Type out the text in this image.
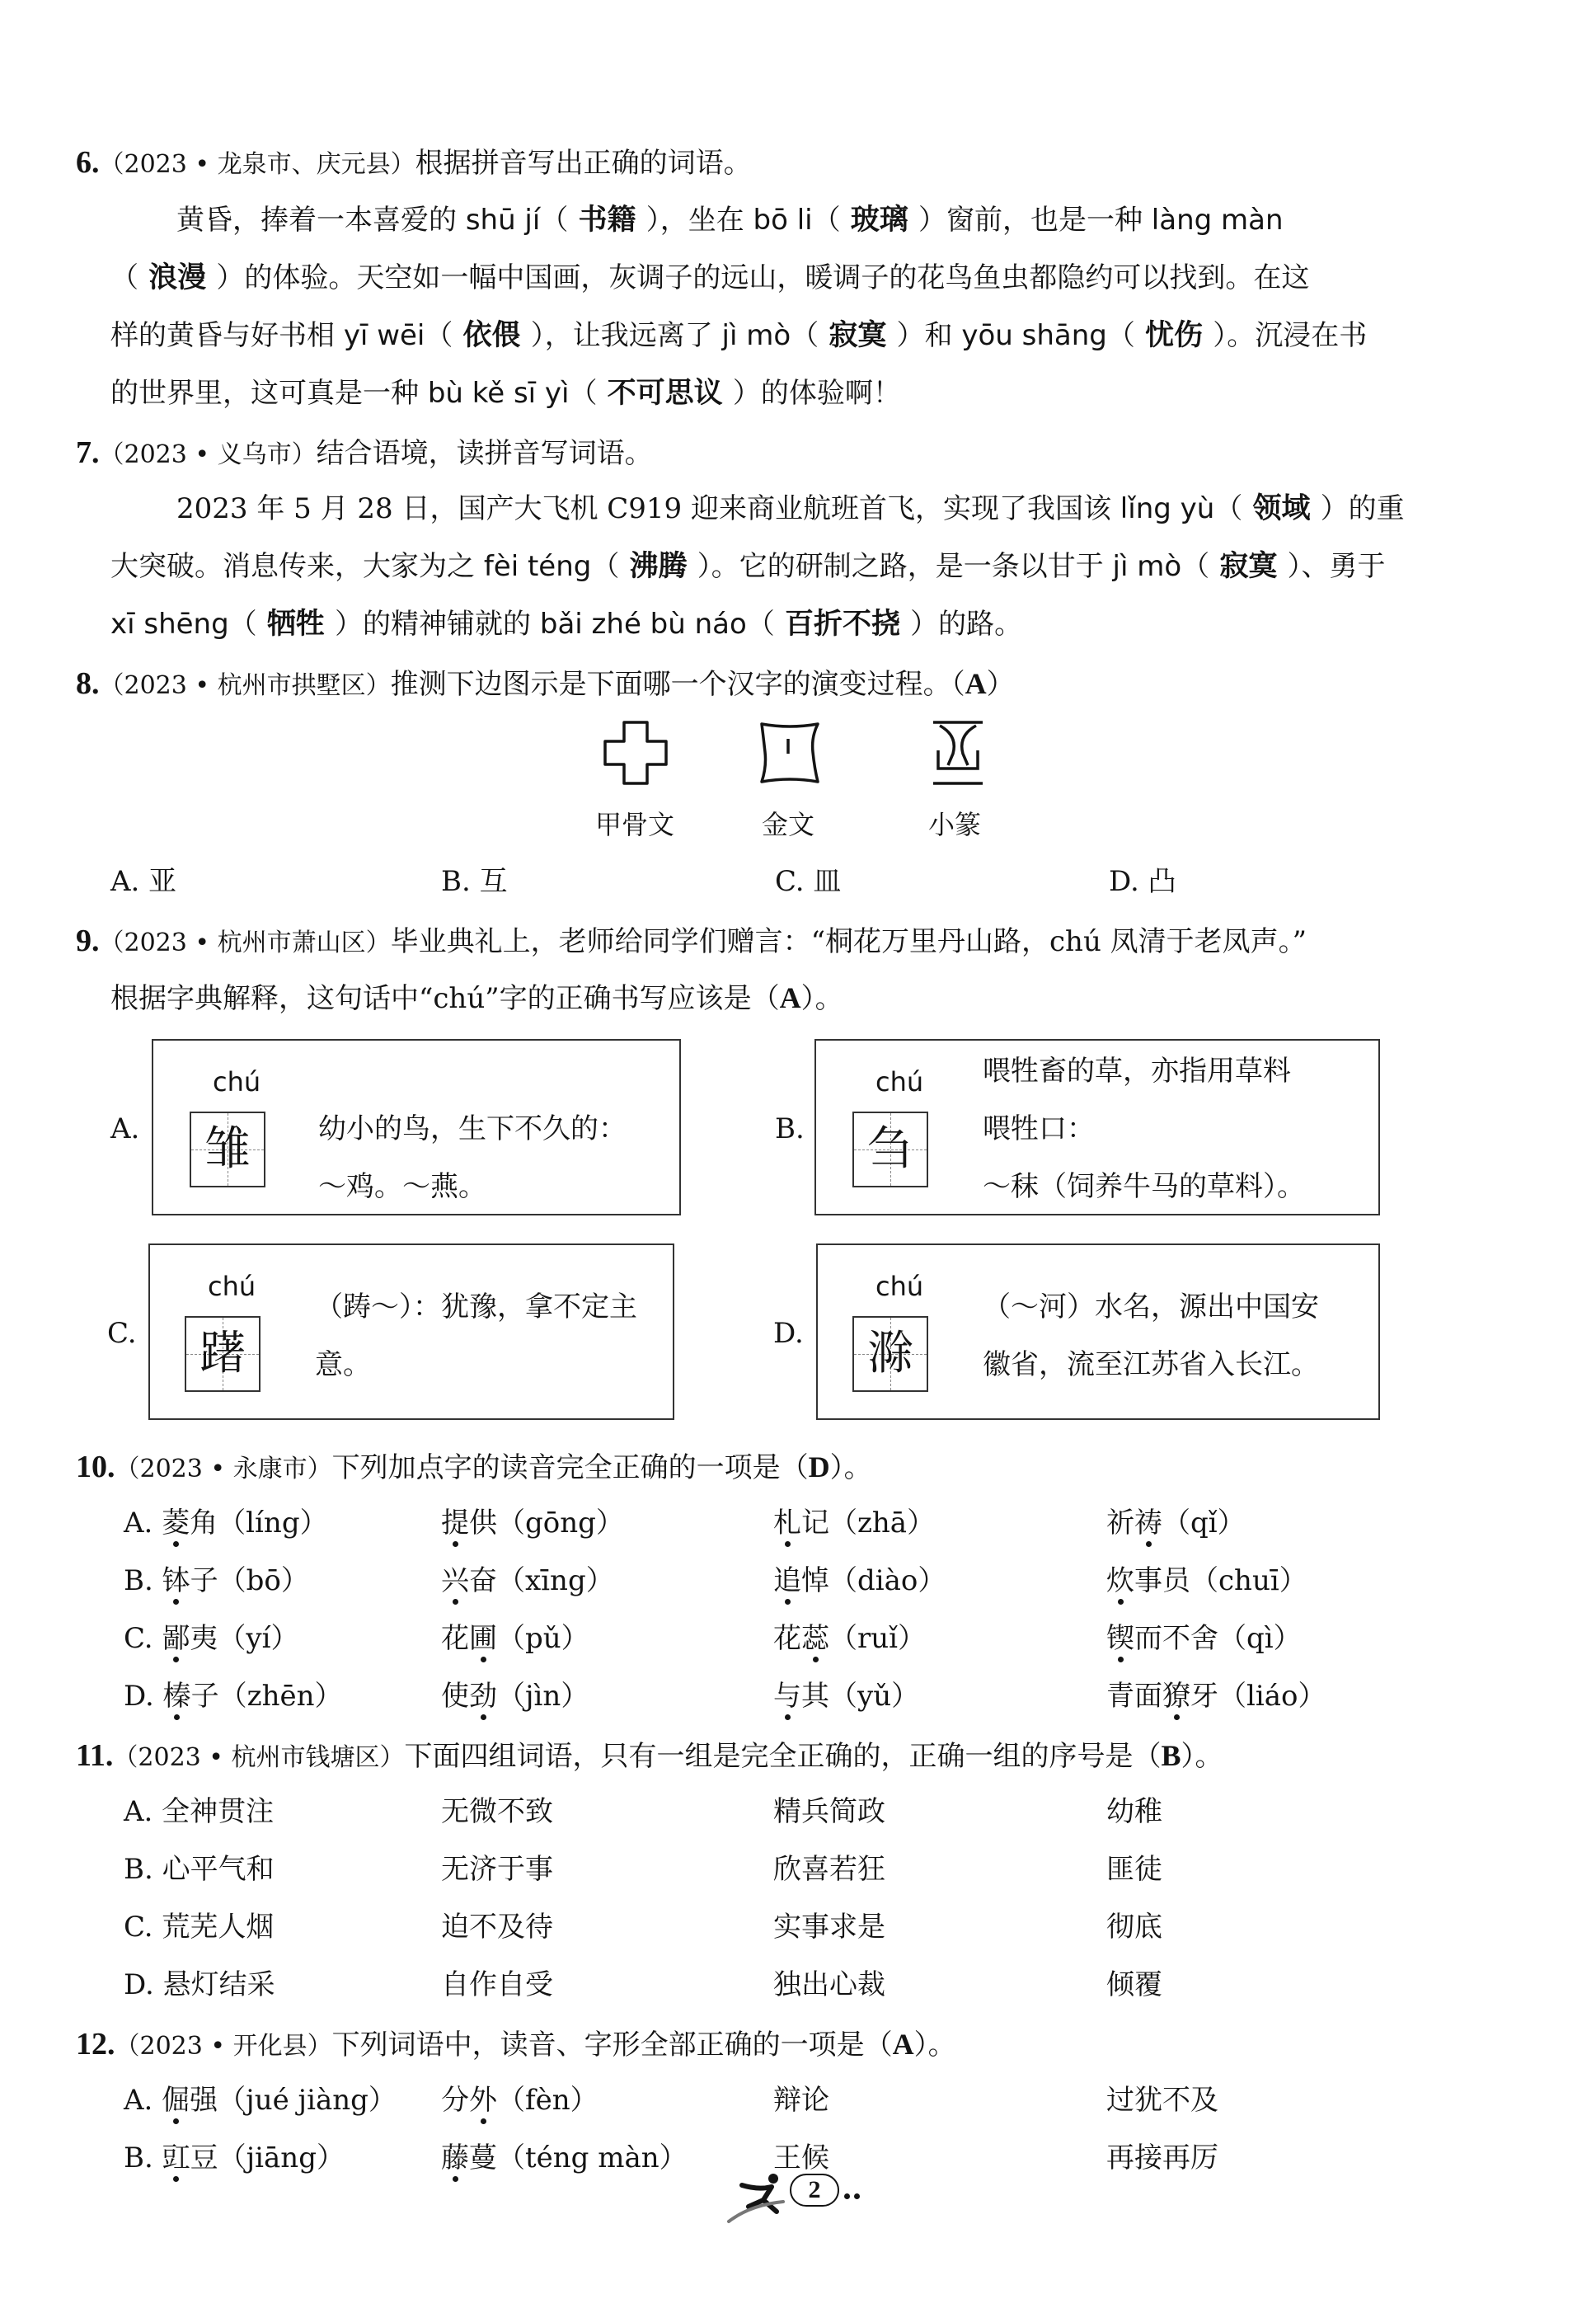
6.（2023 • 龙泉市、庆元县）根据拼音写出正确的词语。
黄昏，捧着一本喜爱的 shū jí（ 书籍 ），坐在 bō li（ 玻璃 ）窗前，也是一种 làng màn
（ 浪漫 ）的体验。天空如一幅中国画，灰调子的远山，暖调子的花鸟鱼虫都隐约可以找到。在这
样的黄昏与好书相 yī wēi（ 依偎 ），让我远离了 jì mò（ 寂寞 ）和 yōu shāng（ 忧伤 ）。沉浸在书
的世界里，这可真是一种 bù kě sī yì（ 不可思议 ）的体验啊！
7.（2023 • 义乌市）结合语境，读拼音写词语。
2023 年 5 月 28 日，国产大飞机 C919 迎来商业航班首飞，实现了我国该 lǐng yù（ 领域 ）的重
大突破。消息传来，大家为之 fèi téng（ 沸腾 ）。它的研制之路，是一条以甘于 jì mò（ 寂寞 ）、勇于
xī shēng（ 牺牲 ）的精神铺就的 bǎi zhé bù náo（ 百折不挠 ）的路。
8.（2023 • 杭州市拱墅区）推测下边图示是下面哪一个汉字的演变过程。（A）
甲骨文	金文	小篆
A. 亚	B. 互	C. 皿	D. 凸
9.（2023 • 杭州市萧山区）毕业典礼上，老师给同学们赠言：“桐花万里丹山路，chú 凤清于老凤声。”
根据字典解释，这句话中“chú”字的正确书写应该是（A）。
A.
chú
雏	幼小的鸟，生下不久的：
～鸡。～燕。
B.
chú
刍
喂牲畜的草，亦指用草料
喂牲口：
～秣（饲养牛马的草料）。
C.
chú
躇
（踌～）：犹豫，拿不定主
意。
D.
chú
滁
（～河）水名，源出中国安
徽省，流至江苏省入长江。
10.（2023 • 永康市）下列加点字的读音完全正确的一项是（D）。
A. 菱角（líng）	提供（gōng）	札记（zhā）	祈祷（qǐ）
B. 钵子（bō）	兴奋（xīng）	追悼（diào）	炊事员（chuī）
C. 鄙夷（yí）	花圃（pǔ）	花蕊（ruǐ）	锲而不舍（qì）
D. 榛子（zhēn）	使劲（jìn）	与其（yǔ）	青面獠牙（liáo）
11.（2023 • 杭州市钱塘区）下面四组词语，只有一组是完全正确的，正确一组的序号是（B）。
A. 全神贯注	无微不致	精兵简政	幼稚
B. 心平气和	无济于事	欣喜若狂	匪徒
C. 荒芜人烟	迫不及待	实事求是	彻底
D. 悬灯结采	自作自受	独出心裁	倾覆
12.（2023 • 开化县）下列词语中，读音、字形全部正确的一项是（A）。
A. 倔强（jué jiàng） 分外（fèn）	辩论	过犹不及
B. 豇豆（jiāng）	藤蔓（téng màn）	王候	再接再厉
2
